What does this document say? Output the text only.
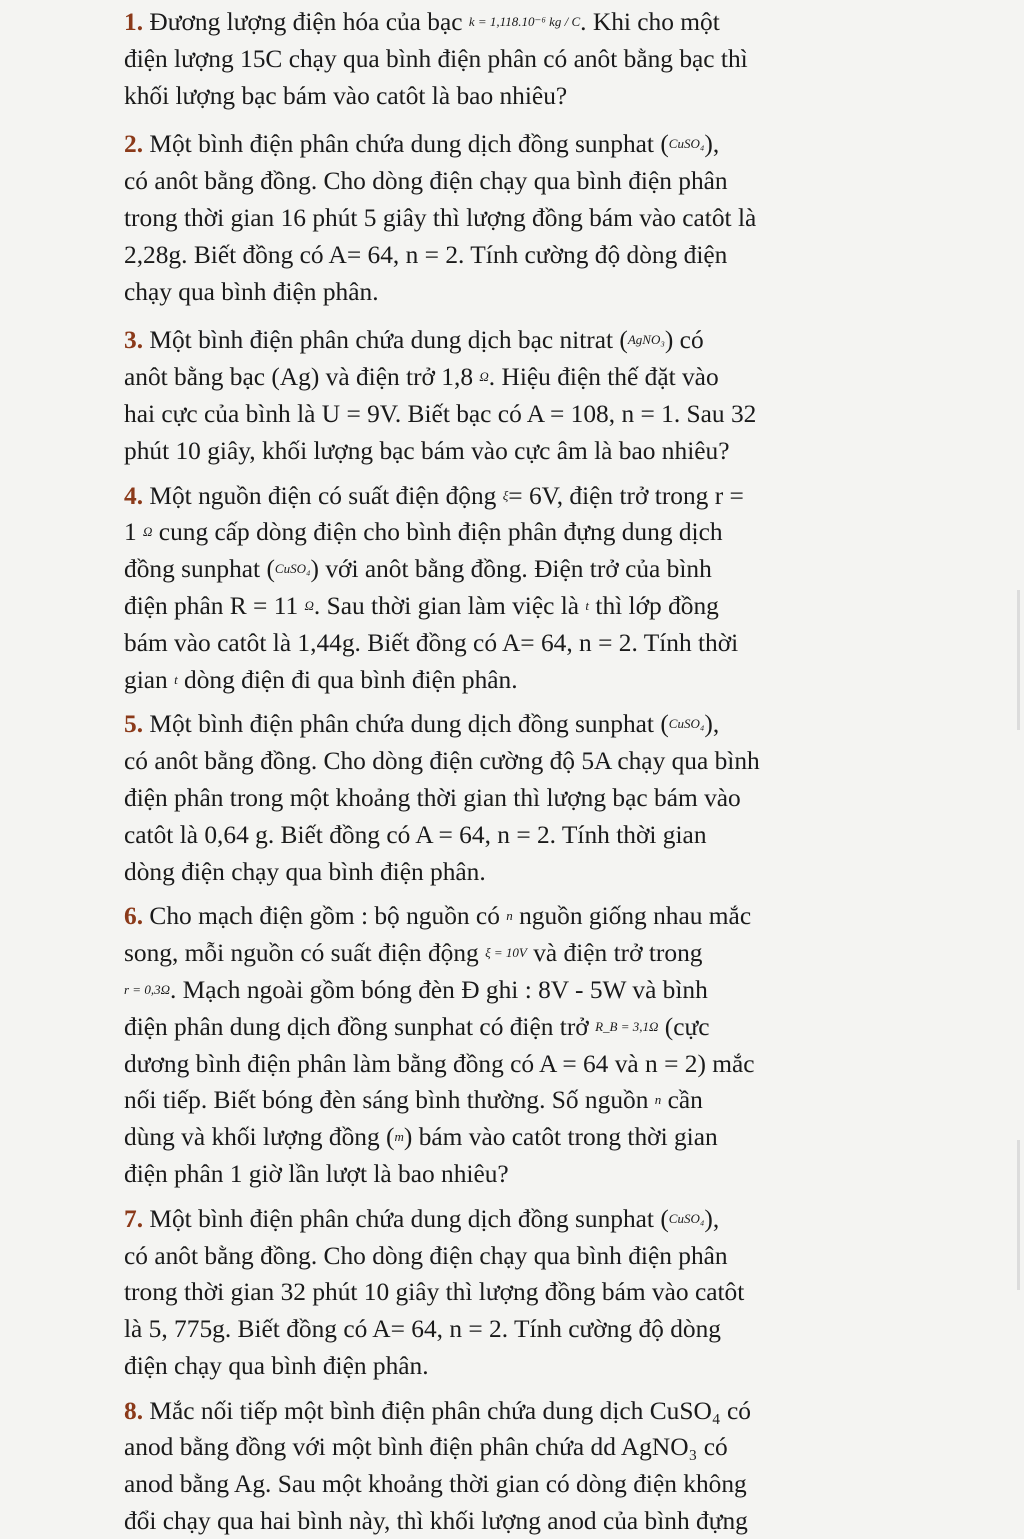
1. Đương lượng điện hóa của bạc k = 1,118.10⁻⁶ kg / C. Khi cho một
điện lượng 15C chạy qua bình điện phân có anôt bằng bạc thì
khối lượng bạc bám vào catôt là bao nhiêu?
2. Một bình điện phân chứa dung dịch đồng sunphat (CuSO₄),
có anôt bằng đồng. Cho dòng điện chạy qua bình điện phân
trong thời gian 16 phút 5 giây thì lượng đồng bám vào catôt là
2,28g. Biết đồng có A= 64, n = 2. Tính cường độ dòng điện
chạy qua bình điện phân.
3. Một bình điện phân chứa dung dịch bạc nitrat (AgNO₃) có
anôt bằng bạc (Ag) và điện trở 1,8 Ω. Hiệu điện thế đặt vào
hai cực của bình là U = 9V. Biết bạc có A = 108, n = 1. Sau 32
phút 10 giây, khối lượng bạc bám vào cực âm là bao nhiêu?
4. Một nguồn điện có suất điện động ξ= 6V, điện trở trong r =
1 Ω cung cấp dòng điện cho bình điện phân đựng dung dịch
đồng sunphat (CuSO₄) với anôt bằng đồng. Điện trở của bình
điện phân R = 11 Ω. Sau thời gian làm việc là t thì lớp đồng
bám vào catôt là 1,44g. Biết đồng có A= 64, n = 2. Tính thời
gian t dòng điện đi qua bình điện phân.
5. Một bình điện phân chứa dung dịch đồng sunphat (CuSO₄),
có anôt bằng đồng. Cho dòng điện cường độ 5A chạy qua bình
điện phân trong một khoảng thời gian thì lượng bạc bám vào
catôt là 0,64 g. Biết đồng có A = 64, n = 2. Tính thời gian
dòng điện chạy qua bình điện phân.
6. Cho mạch điện gồm : bộ nguồn có n nguồn giống nhau mắc
song, mỗi nguồn có suất điện động ξ = 10V và điện trở trong
r = 0,3Ω. Mạch ngoài gồm bóng đèn Đ ghi : 8V - 5W và bình
điện phân dung dịch đồng sunphat có điện trở R_B = 3,1Ω (cực
dương bình điện phân làm bằng đồng có A = 64 và n = 2) mắc
nối tiếp. Biết bóng đèn sáng bình thường. Số nguồn n cần
dùng và khối lượng đồng (m) bám vào catôt trong thời gian
điện phân 1 giờ lần lượt là bao nhiêu?
7. Một bình điện phân chứa dung dịch đồng sunphat (CuSO₄),
có anôt bằng đồng. Cho dòng điện chạy qua bình điện phân
trong thời gian 32 phút 10 giây thì lượng đồng bám vào catôt
là 5, 775g. Biết đồng có A= 64, n = 2. Tính cường độ dòng
điện chạy qua bình điện phân.
8. Mắc nối tiếp một bình điện phân chứa dung dịch CuSO₄ có
anod bằng đồng với một bình điện phân chứa dd AgNO₃ có
anod bằng Ag. Sau một khoảng thời gian có dòng điện không
đổi chạy qua hai bình này, thì khối lượng anod của bình đựng
